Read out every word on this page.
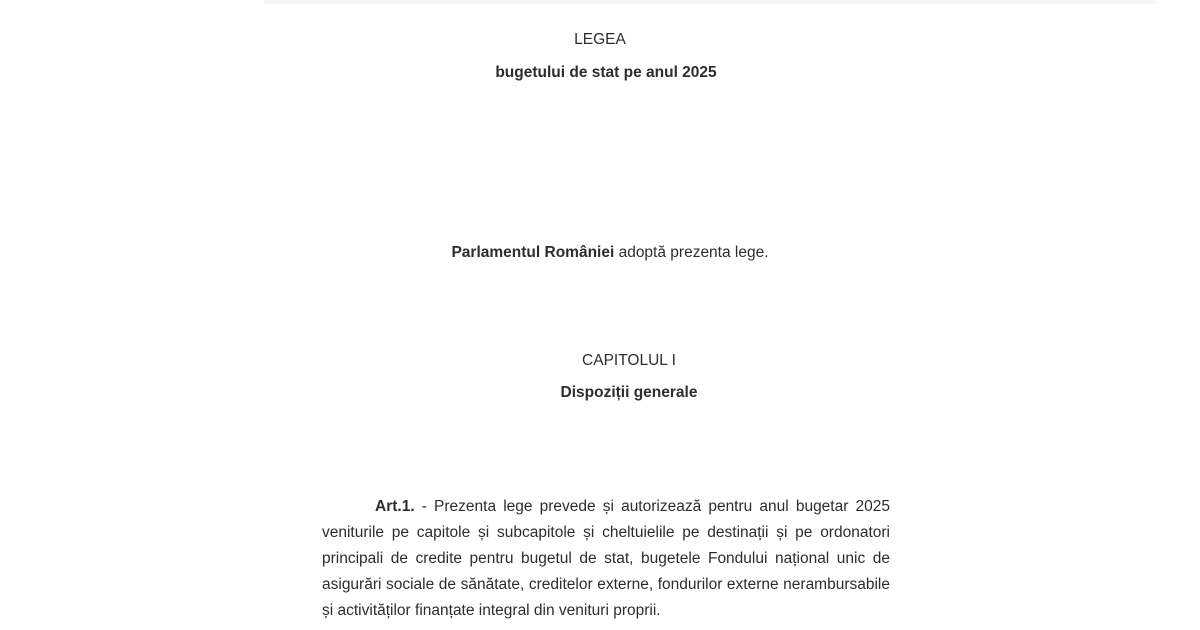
LEGEA
bugetului de stat pe anul 2025
Parlamentul României adoptă prezenta lege.
CAPITOLUL I
Dispoziții generale

Art.1. - Prezenta lege prevede și autorizează pentru anul bugetar 2025 veniturile pe capitole și subcapitole și cheltuielile pe destinații și pe ordonatori principali de credite pentru bugetul de stat, bugetele Fondului național unic de asigurări sociale de sănătate, creditelor externe, fondurilor externe nerambursabile și activităților finanțate integral din venituri proprii.
